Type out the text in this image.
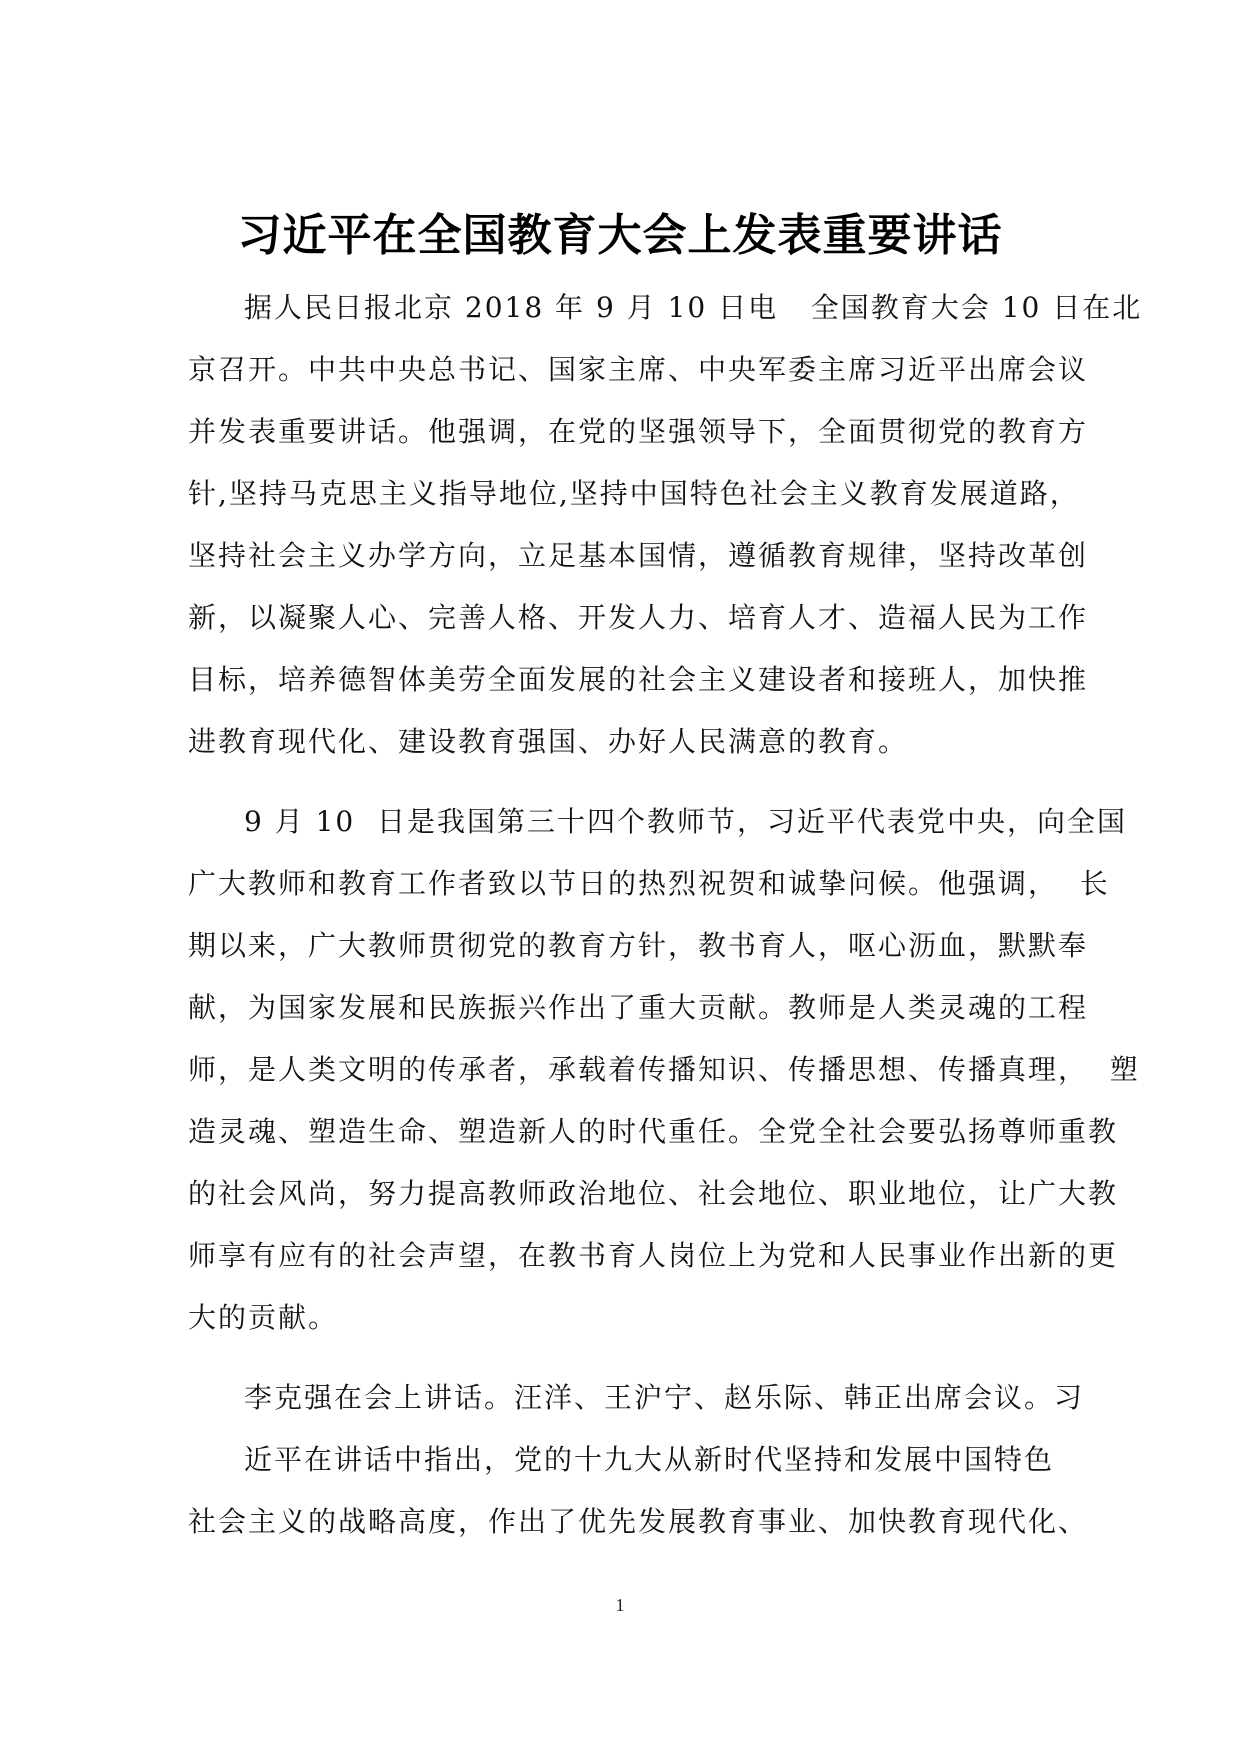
习近平在全国教育大会上发表重要讲话
据人民日报北京 2018 年 9 月 10 日电   全国教育大会 10 日在北
京召开。中共中央总书记、国家主席、中央军委主席习近平出席会议
并发表重要讲话。他强调，在党的坚强领导下，全面贯彻党的教育方
针,坚持马克思主义指导地位,坚持中国特色社会主义教育发展道路，
坚持社会主义办学方向，立足基本国情，遵循教育规律，坚持改革创
新，以凝聚人心、完善人格、开发人力、培育人才、造福人民为工作
目标，培养德智体美劳全面发展的社会主义建设者和接班人，加快推
进教育现代化、建设教育强国、办好人民满意的教育。
9 月 10  日是我国第三十四个教师节，习近平代表党中央，向全国
广大教师和教育工作者致以节日的热烈祝贺和诚挚问候。他强调，  长
期以来，广大教师贯彻党的教育方针，教书育人，呕心沥血，默默奉
献，为国家发展和民族振兴作出了重大贡献。教师是人类灵魂的工程
师，是人类文明的传承者，承载着传播知识、传播思想、传播真理，  塑
造灵魂、塑造生命、塑造新人的时代重任。全党全社会要弘扬尊师重教
的社会风尚，努力提高教师政治地位、社会地位、职业地位，让广大教
师享有应有的社会声望，在教书育人岗位上为党和人民事业作出新的更
大的贡献。
李克强在会上讲话。汪洋、王沪宁、赵乐际、韩正出席会议。习
近平在讲话中指出，党的十九大从新时代坚持和发展中国特色
社会主义的战略高度，作出了优先发展教育事业、加快教育现代化、
1
